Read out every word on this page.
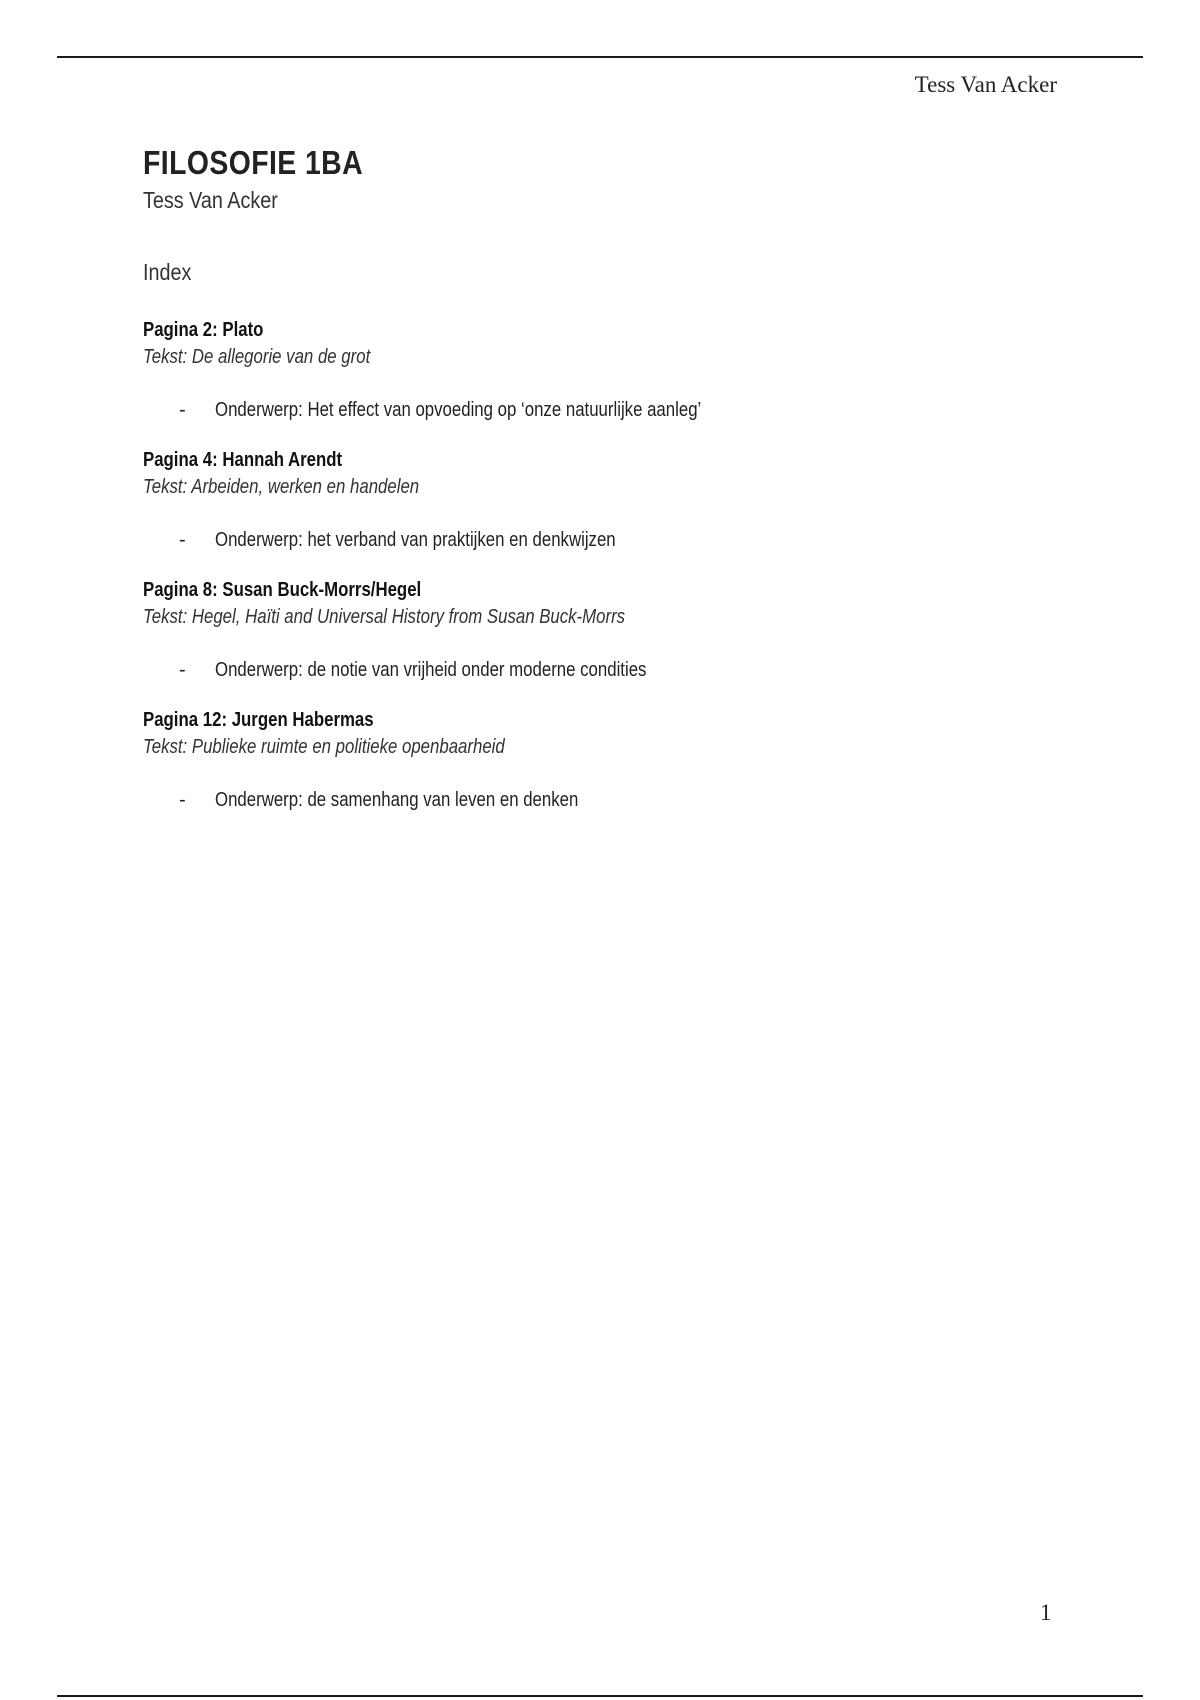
Tess Van Acker
FILOSOFIE 1BA
Tess Van Acker
Index
Pagina 2: Plato
Tekst: De allegorie van de grot
-	Onderwerp: Het effect van opvoeding op ‘onze natuurlijke aanleg’
Pagina 4: Hannah Arendt
Tekst: Arbeiden, werken en handelen
-	Onderwerp: het verband van praktijken en denkwijzen
Pagina 8: Susan Buck-Morrs/Hegel
Tekst: Hegel, Haïti and Universal History from Susan Buck-Morrs
-	Onderwerp: de notie van vrijheid onder moderne condities
Pagina 12: Jurgen Habermas
Tekst: Publieke ruimte en politieke openbaarheid
-	Onderwerp: de samenhang van leven en denken
1
